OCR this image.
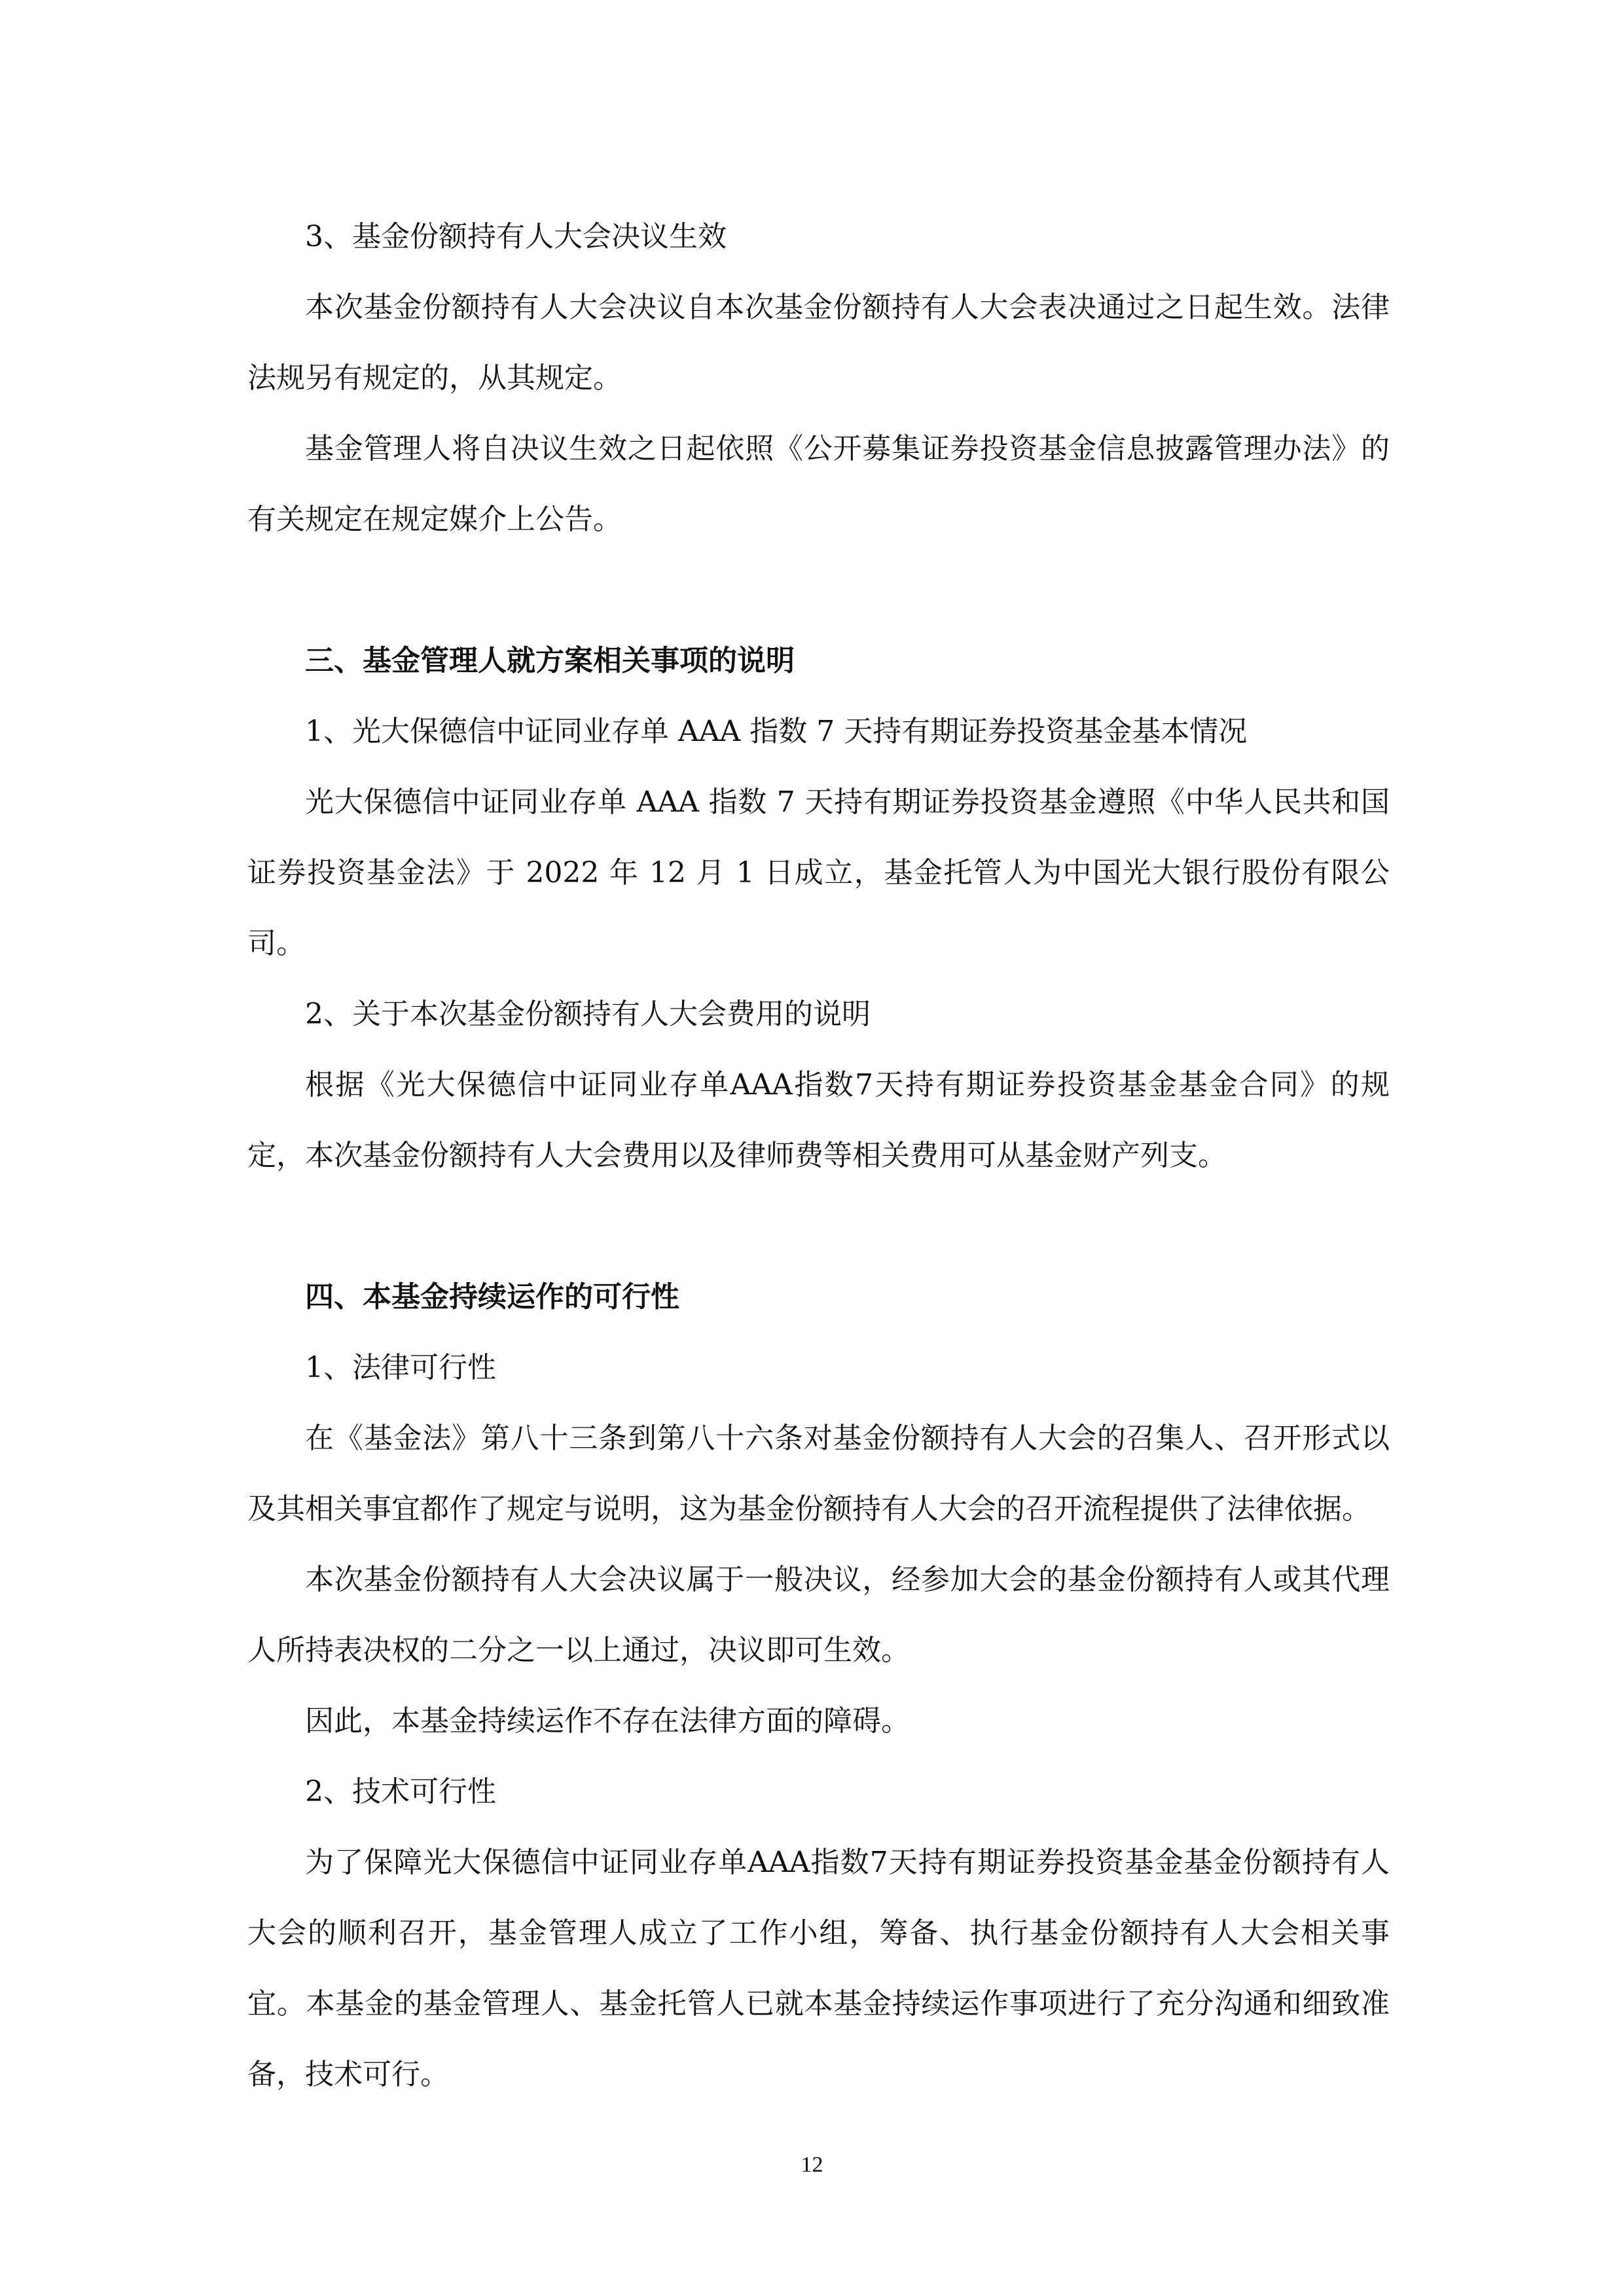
3、基金份额持有人大会决议生效

本次基金份额持有人大会决议自本次基金份额持有人大会表决通过之日起生效。法律法规另有规定的，从其规定。

基金管理人将自决议生效之日起依照《公开募集证券投资基金信息披露管理办法》的有关规定在规定媒介上公告。

三、基金管理人就方案相关事项的说明

1、光大保德信中证同业存单 AAA 指数 7 天持有期证券投资基金基本情况

光大保德信中证同业存单 AAA 指数 7 天持有期证券投资基金遵照《中华人民共和国证券投资基金法》于 2022 年 12 月 1 日成立，基金托管人为中国光大银行股份有限公司。

2、关于本次基金份额持有人大会费用的说明

根据《光大保德信中证同业存单AAA指数7天持有期证券投资基金基金合同》的规定，本次基金份额持有人大会费用以及律师费等相关费用可从基金财产列支。

四、本基金持续运作的可行性

1、法律可行性

在《基金法》第八十三条到第八十六条对基金份额持有人大会的召集人、召开形式以及其相关事宜都作了规定与说明，这为基金份额持有人大会的召开流程提供了法律依据。

本次基金份额持有人大会决议属于一般决议，经参加大会的基金份额持有人或其代理人所持表决权的二分之一以上通过，决议即可生效。

因此，本基金持续运作不存在法律方面的障碍。

2、技术可行性

为了保障光大保德信中证同业存单AAA指数7天持有期证券投资基金基金份额持有人大会的顺利召开，基金管理人成立了工作小组，筹备、执行基金份额持有人大会相关事宜。本基金的基金管理人、基金托管人已就本基金持续运作事项进行了充分沟通和细致准备，技术可行。

12
